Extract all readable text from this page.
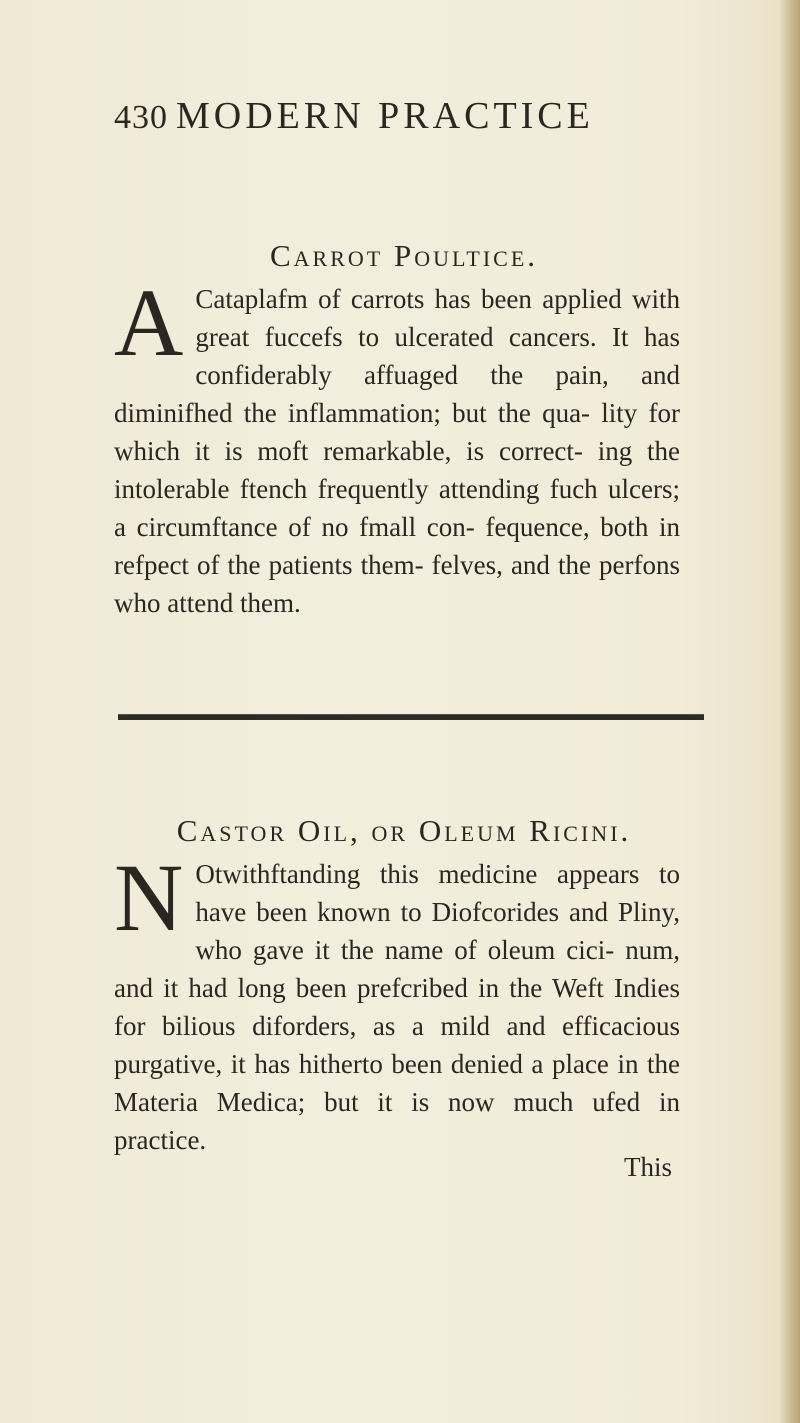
430 MODERN PRACTICE
Carrot Poultice.

A Cataplafm of carrots has been applied with great fuccefs to ulcerated cancers. It has confiderably affuaged the pain, and diminifhed the inflammation; but the qua- lity for which it is moft remarkable, is correct- ing the intolerable ftench frequently attending fuch ulcers; a circumftance of no fmall con- fequence, both in refpect of the patients them- felves, and the perfons who attend them.

Castor Oil, or Oleum Ricini.

N Otwithftanding this medicine appears to have been known to Diofcorides and Pliny, who gave it the name of oleum cici- num, and it had long been prefcribed in the Weft Indies for bilious diforders, as a mild and efficacious purgative, it has hitherto been denied a place in the Materia Medica; but it is now much ufed in practice.

This
